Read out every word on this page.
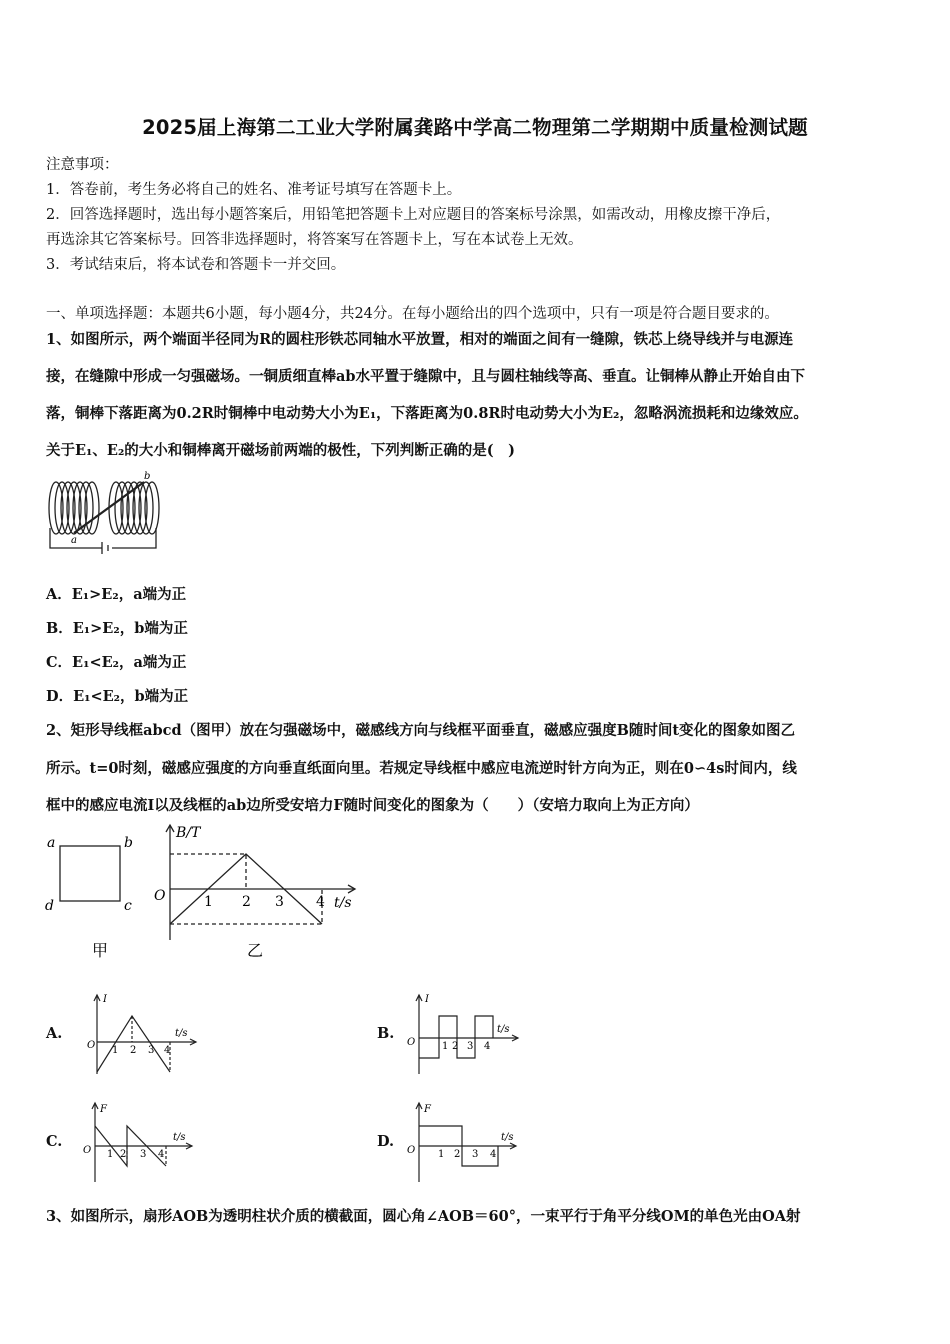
2025届上海第二工业大学附属龚路中学高二物理第二学期期中质量检测试题
注意事项：
1．答卷前，考生务必将自己的姓名、准考证号填写在答题卡上。
2．回答选择题时，选出每小题答案后，用铅笔把答题卡上对应题目的答案标号涂黑，如需改动，用橡皮擦干净后，
再选涂其它答案标号。回答非选择题时，将答案写在答题卡上，写在本试卷上无效。
3．考试结束后，将本试卷和答题卡一并交回。
一、单项选择题：本题共6小题，每小题4分，共24分。在每小题给出的四个选项中，只有一项是符合题目要求的。
1、如图所示，两个端面半径同为R的圆柱形铁芯同轴水平放置，相对的端面之间有一缝隙，铁芯上绕导线并与电源连
接，在缝隙中形成一匀强磁场。一铜质细直棒ab水平置于缝隙中，且与圆柱轴线等高、垂直。让铜棒从静止开始自由下
落，铜棒下落距离为0.2R时铜棒中电动势大小为E₁，下落距离为0.8R时电动势大小为E₂，忽略涡流损耗和边缘效应。
关于E₁、E₂的大小和铜棒离开磁场前两端的极性，下列判断正确的是(　)
b
a
A．E₁>E₂，a端为正
B．E₁>E₂，b端为正
C．E₁<E₂，a端为正
D．E₁<E₂，b端为正
2、矩形导线框abcd（图甲）放在匀强磁场中，磁感线方向与线框平面垂直，磁感应强度B随时间t变化的图象如图乙
所示。t=0时刻，磁感应强度的方向垂直纸面向里。若规定导线框中感应电流逆时针方向为正，则在0∽4s时间内，线
框中的感应电流I以及线框的ab边所受安培力F随时间变化的图象为（　　）（安培力取向上为正方向）
a	b
c
d
甲
B/T
t/s
O	1 2 3 4
乙
A.
I
t/s
O 1 2 3 4
B.
I
t/s
O	1 2 3 4
C.
F
t/s
O 1 2 3 4
D.
F
t/s
O 1 2 3 4
3、如图所示，扇形AOB为透明柱状介质的横截面，圆心角∠AOB＝60°，一束平行于角平分线OM的单色光由OA射
